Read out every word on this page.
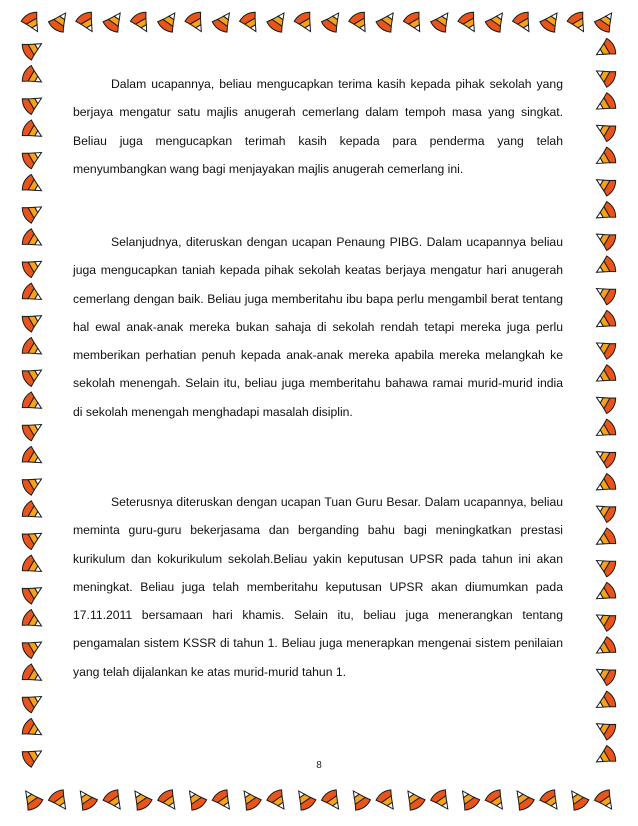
Dalam ucapannya, beliau mengucapkan terima kasih kepada pihak sekolah yang berjaya mengatur satu majlis anugerah cemerlang dalam tempoh masa yang singkat. Beliau juga mengucapkan terimah kasih kepada para penderma yang telah menyumbangkan wang bagi menjayakan majlis anugerah cemerlang ini.

Selanjudnya, diteruskan dengan ucapan Penaung PIBG. Dalam ucapannya beliau juga mengucapkan taniah kepada pihak sekolah keatas berjaya mengatur hari anugerah cemerlang dengan baik. Beliau juga memberitahu ibu bapa perlu mengambil berat tentang hal ewal anak-anak mereka bukan sahaja di sekolah rendah tetapi mereka juga perlu memberikan perhatian penuh kepada anak-anak mereka apabila mereka melangkah ke sekolah menengah. Selain itu, beliau juga memberitahu bahawa ramai murid-murid india di sekolah menengah menghadapi masalah disiplin.

Seterusnya diteruskan dengan ucapan Tuan Guru Besar. Dalam ucapannya, beliau meminta guru-guru bekerjasama dan berganding bahu bagi meningkatkan prestasi kurikulum dan kokurikulum sekolah.Beliau yakin keputusan UPSR pada tahun ini akan meningkat. Beliau juga telah memberitahu keputusan UPSR akan diumumkan pada 17.11.2011 bersamaan hari khamis. Selain itu, beliau juga menerangkan tentang pengamalan sistem KSSR di tahun 1. Beliau juga menerapkan mengenai sistem penilaian yang telah dijalankan ke atas murid-murid tahun 1.

8
